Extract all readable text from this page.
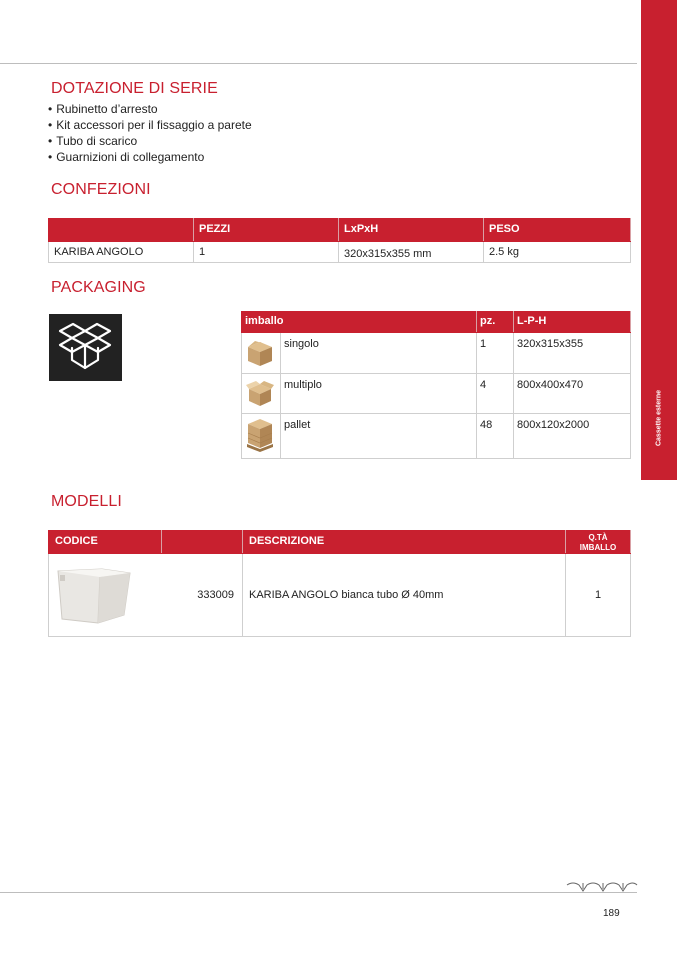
Cassette esterne
DOTAZIONE DI SERIE
• Rubinetto d’arresto
• Kit accessori per il fissaggio a parete
• Tubo di scarico
• Guarnizioni di collegamento
CONFEZIONI
	PEZZI	LxPxH	PESO
KARIBA ANGOLO	1	320x315x355 mm	2.5 kg
PACKAGING
imballo		pz.	L-P-H
	singolo	1	320x315x355
	multiplo	4	800x400x470
	pallet	48	800x120x2000
MODELLI
CODICE		DESCRIZIONE	Q.TÀ
IMBALLO
	333009	KARIBA ANGOLO bianca tubo Ø 40mm	1
189
